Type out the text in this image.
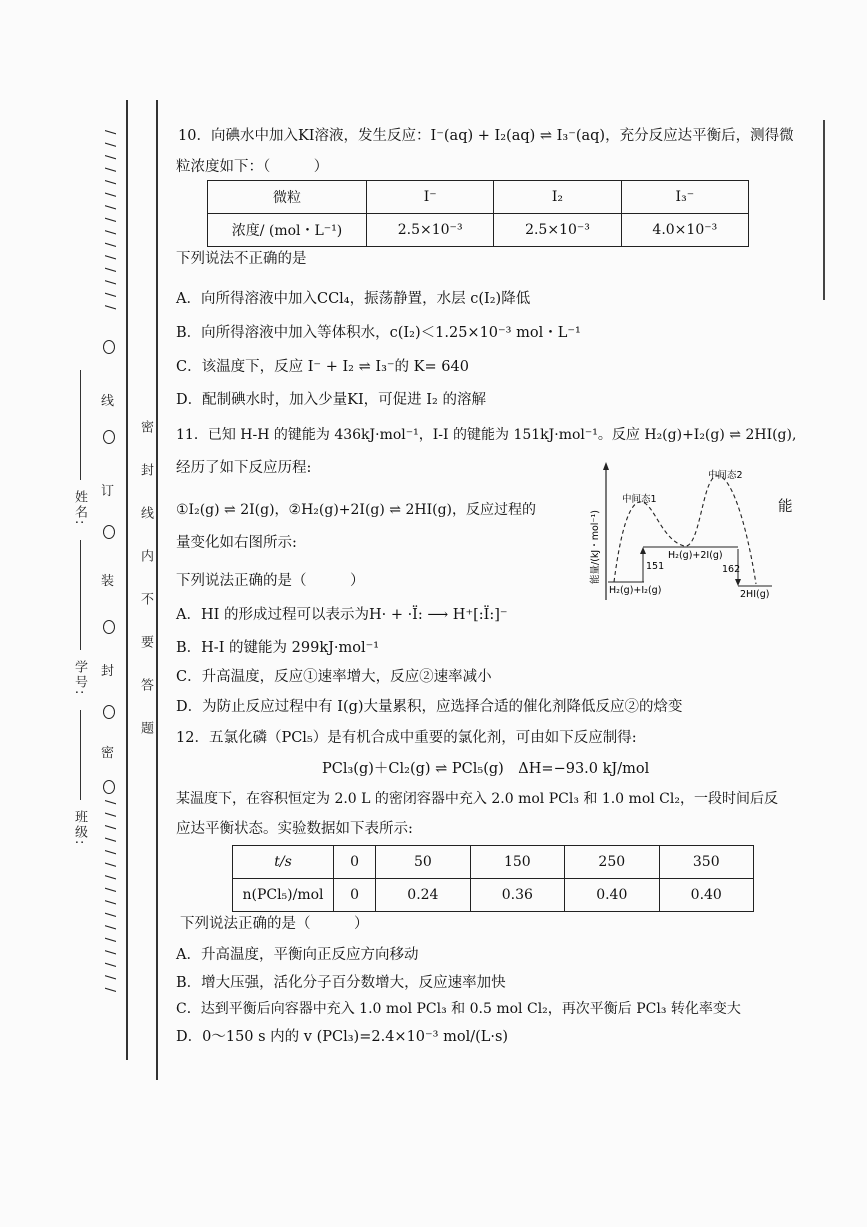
/ / / / / / / / / / / / / / /
密
封
装
订
线
/ / / / / / / / / / / / / / / /
密封线内不要答题
姓名:
学号:
班级:
10．向碘水中加入KI溶液，发生反应：I⁻(aq) + I₂(aq) ⇌ I₃⁻(aq)，充分反应达平衡后，测得微
粒浓度如下：（　　　）
微粒	I⁻	I₂	I₃⁻
浓度/ (mol・L⁻¹)	2.5×10⁻³	2.5×10⁻³	4.0×10⁻³
下列说法不正确的是
A．向所得溶液中加入CCl₄，振荡静置，水层 c(I₂)降低
B．向所得溶液中加入等体积水，c(I₂)＜1.25×10⁻³ mol・L⁻¹
C．该温度下，反应 I⁻ + I₂ ⇌ I₃⁻的 K= 640
D．配制碘水时，加入少量KI，可促进 I₂ 的溶解
11．已知 H-H 的键能为 436kJ·mol⁻¹，I-I 的键能为 151kJ·mol⁻¹。反应 H₂(g)+I₂(g) ⇌ 2HI(g),
经历了如下反应历程:
①I₂(g) ⇌ 2I(g)，②H₂(g)+2I(g) ⇌ 2HI(g)，反应过程的
量变化如右图所示:
能
中间态1
中间态2
H₂(g)+2I(g)
H₂(g)+I₂(g)	2HI(g)
151	162
能量/(kJ・mol⁻¹)
下列说法正确的是（　　　）
A．HI 的形成过程可以表示为H· + ·Ï: ⟶ H⁺[:Ï:]⁻
B．H-I 的键能为 299kJ·mol⁻¹
C．升高温度，反应①速率增大，反应②速率减小
D．为防止反应过程中有 I(g)大量累积，应选择合适的催化剂降低反应②的焓变
12．五氯化磷（PCl₅）是有机合成中重要的氯化剂，可由如下反应制得:
PCl₃(g)＋Cl₂(g) ⇌ PCl₅(g)　ΔH=−93.0 kJ/mol
某温度下，在容积恒定为 2.0 L 的密闭容器中充入 2.0 mol PCl₃ 和 1.0 mol Cl₂，一段时间后反
应达平衡状态。实验数据如下表所示:
t/s	0	50	150	250	350
n(PCl₅)/mol	0	0.24	0.36	0.40	0.40
下列说法正确的是（　　　）
A．升高温度，平衡向正反应方向移动
B．增大压强，活化分子百分数增大，反应速率加快
C．达到平衡后向容器中充入 1.0 mol PCl₃ 和 0.5 mol Cl₂，再次平衡后 PCl₃ 转化率变大
D．0～150 s 内的 v (PCl₃)=2.4×10⁻³ mol/(L·s)
